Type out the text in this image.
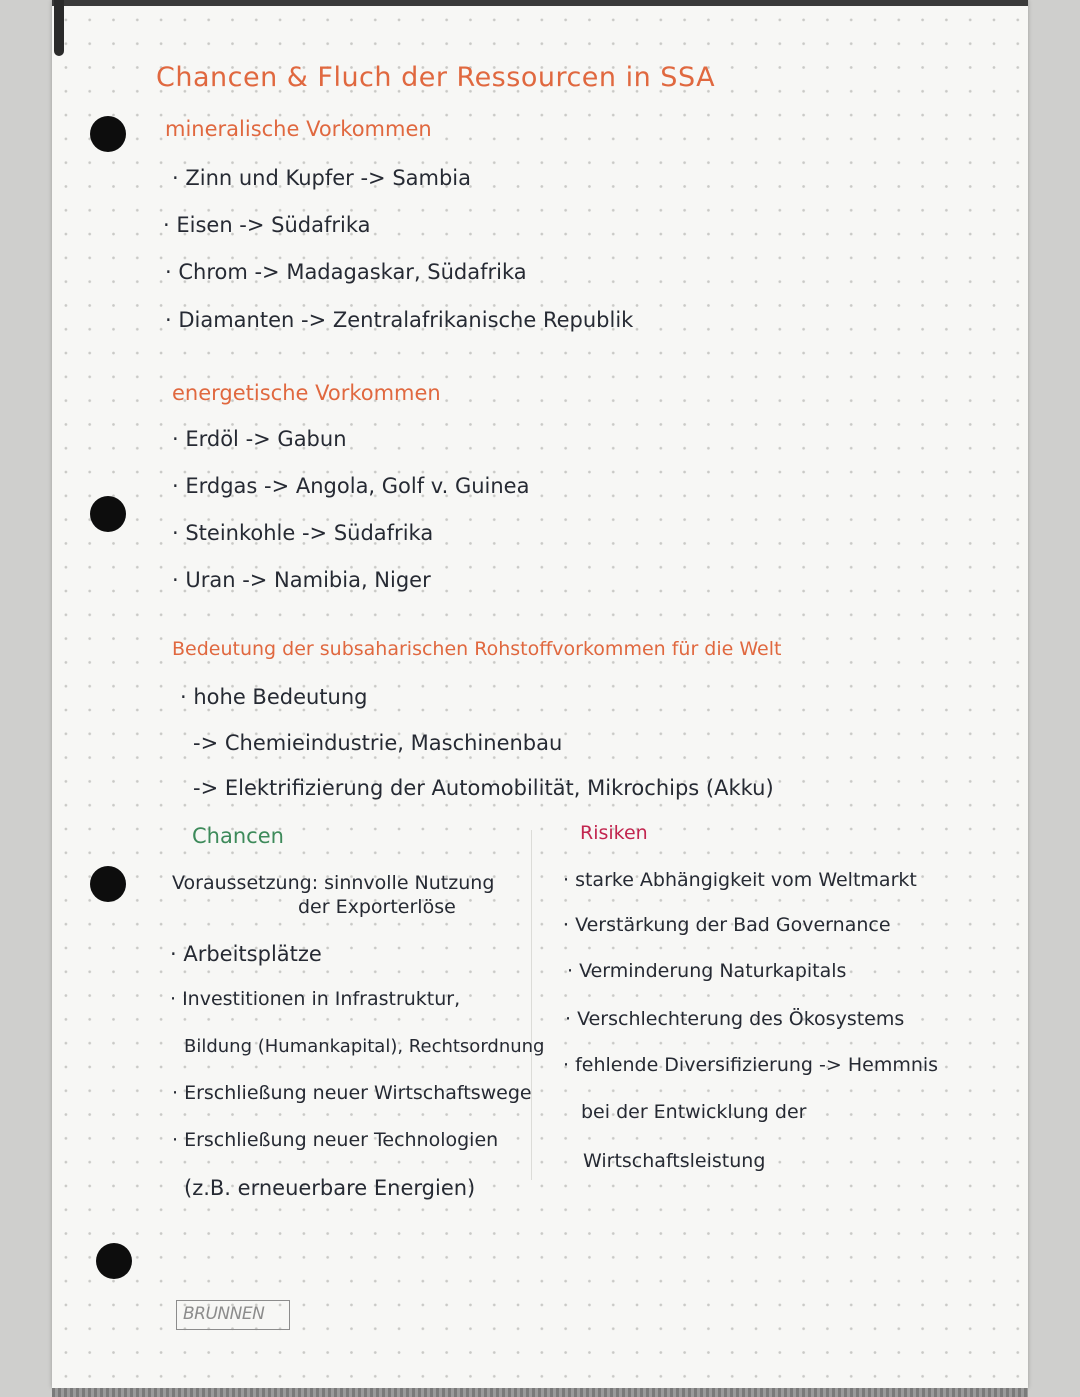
Chancen & Fluch der Ressourcen in SSA
mineralische Vorkommen
· Zinn und Kupfer -> Sambia
· Eisen -> Südafrika
· Chrom -> Madagaskar, Südafrika
· Diamanten -> Zentralafrikanische Republik
energetische Vorkommen
· Erdöl -> Gabun
· Erdgas -> Angola, Golf v. Guinea
· Steinkohle -> Südafrika
· Uran -> Namibia, Niger
Bedeutung der subsaharischen Rohstoffvorkommen für die Welt
· hohe Bedeutung
-> Chemieindustrie, Maschinenbau
-> Elektrifizierung der Automobilität, Mikrochips (Akku)
Chancen
Voraussetzung: sinnvolle Nutzung
der Exporterlöse
· Arbeitsplätze
· Investitionen in Infrastruktur,
Bildung (Humankapital), Rechtsordnung
· Erschließung neuer Wirtschaftswege
· Erschließung neuer Technologien
(z.B. erneuerbare Energien)
Risiken
· starke Abhängigkeit vom Weltmarkt
· Verstärkung der Bad Governance
· Verminderung Naturkapitals
· Verschlechterung des Ökosystems
· fehlende Diversifizierung -> Hemmnis
bei der Entwicklung der
Wirtschaftsleistung
BRUNNEN
